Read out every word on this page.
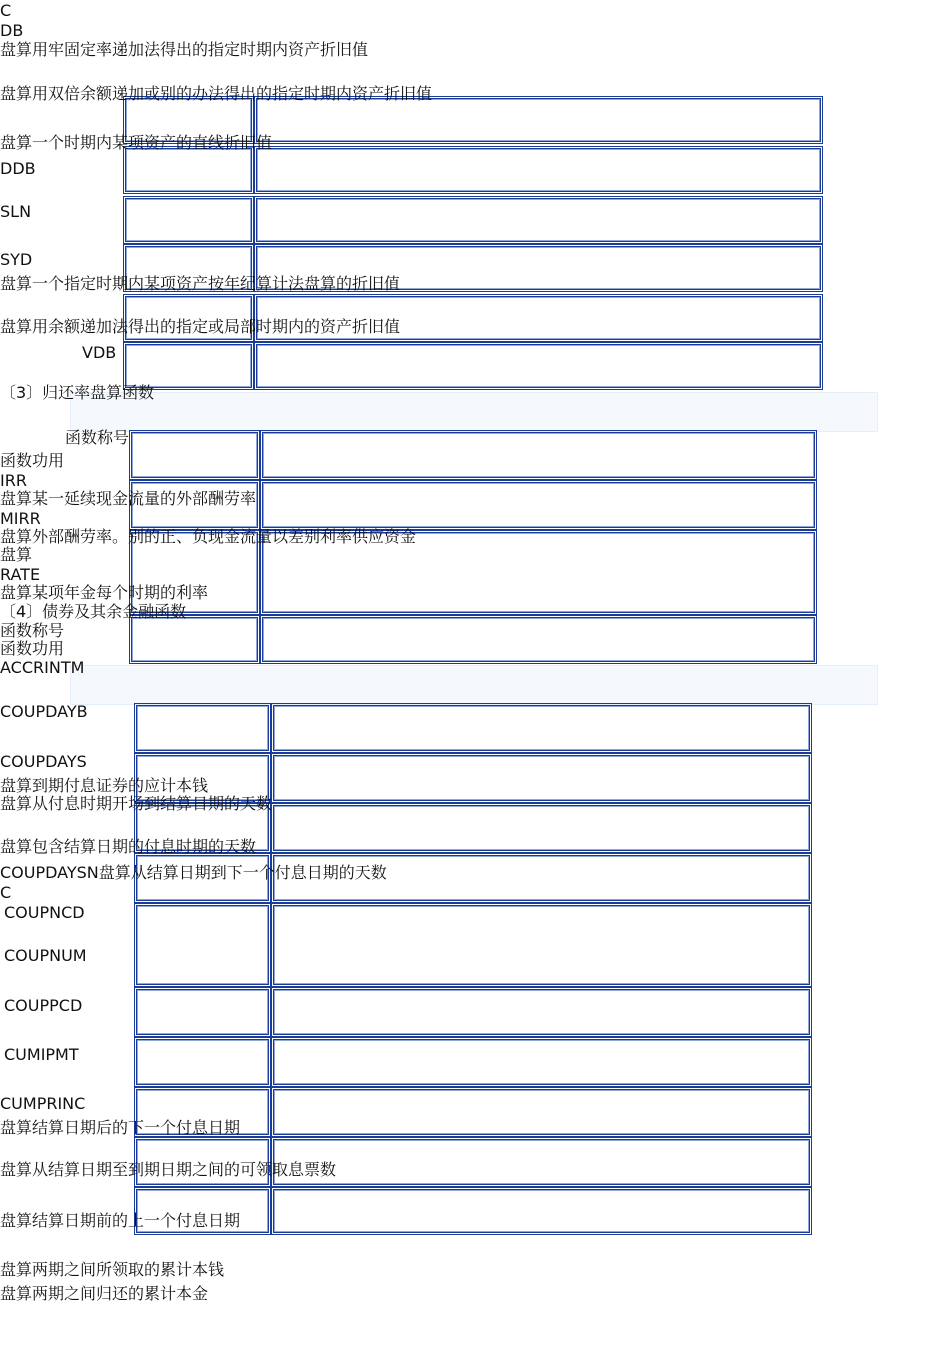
C
DB
盘算用牢固定率递加法得出的指定时期内资产折旧值
盘算用双倍余额递加或别的办法得出的指定时期内资产折旧值
盘算一个时期内某项资产的直线折旧值
DDB
SLN
SYD
盘算一个指定时期内某项资产按年纪算计法盘算的折旧值
盘算用余额递加法得出的指定或局部时期内的资产折旧值
VDB
〔3〕归还率盘算函数
函数称号
函数功用
IRR
盘算某一延续现金流量的外部酬劳率
MIRR
盘算外部酬劳率。别的正、负现金流量以差别利率供应资金
盘算
RATE
盘算某项年金每个时期的利率
〔4〕债券及其余金融函数
函数称号
函数功用
ACCRINTM
COUPDAYB
COUPDAYS
盘算到期付息证券的应计本钱
盘算从付息时期开场到结算日期的天数
盘算包含结算日期的付息时期的天数
COUPDAYSN盘算从结算日期到下一个付息日期的天数
C
COUPNCD
COUPNUM
COUPPCD
CUMIPMT
CUMPRINC
盘算结算日期后的下一个付息日期
盘算从结算日期至到期日期之间的可领取息票数
盘算结算日期前的上一个付息日期
盘算两期之间所领取的累计本钱
盘算两期之间归还的累计本金
